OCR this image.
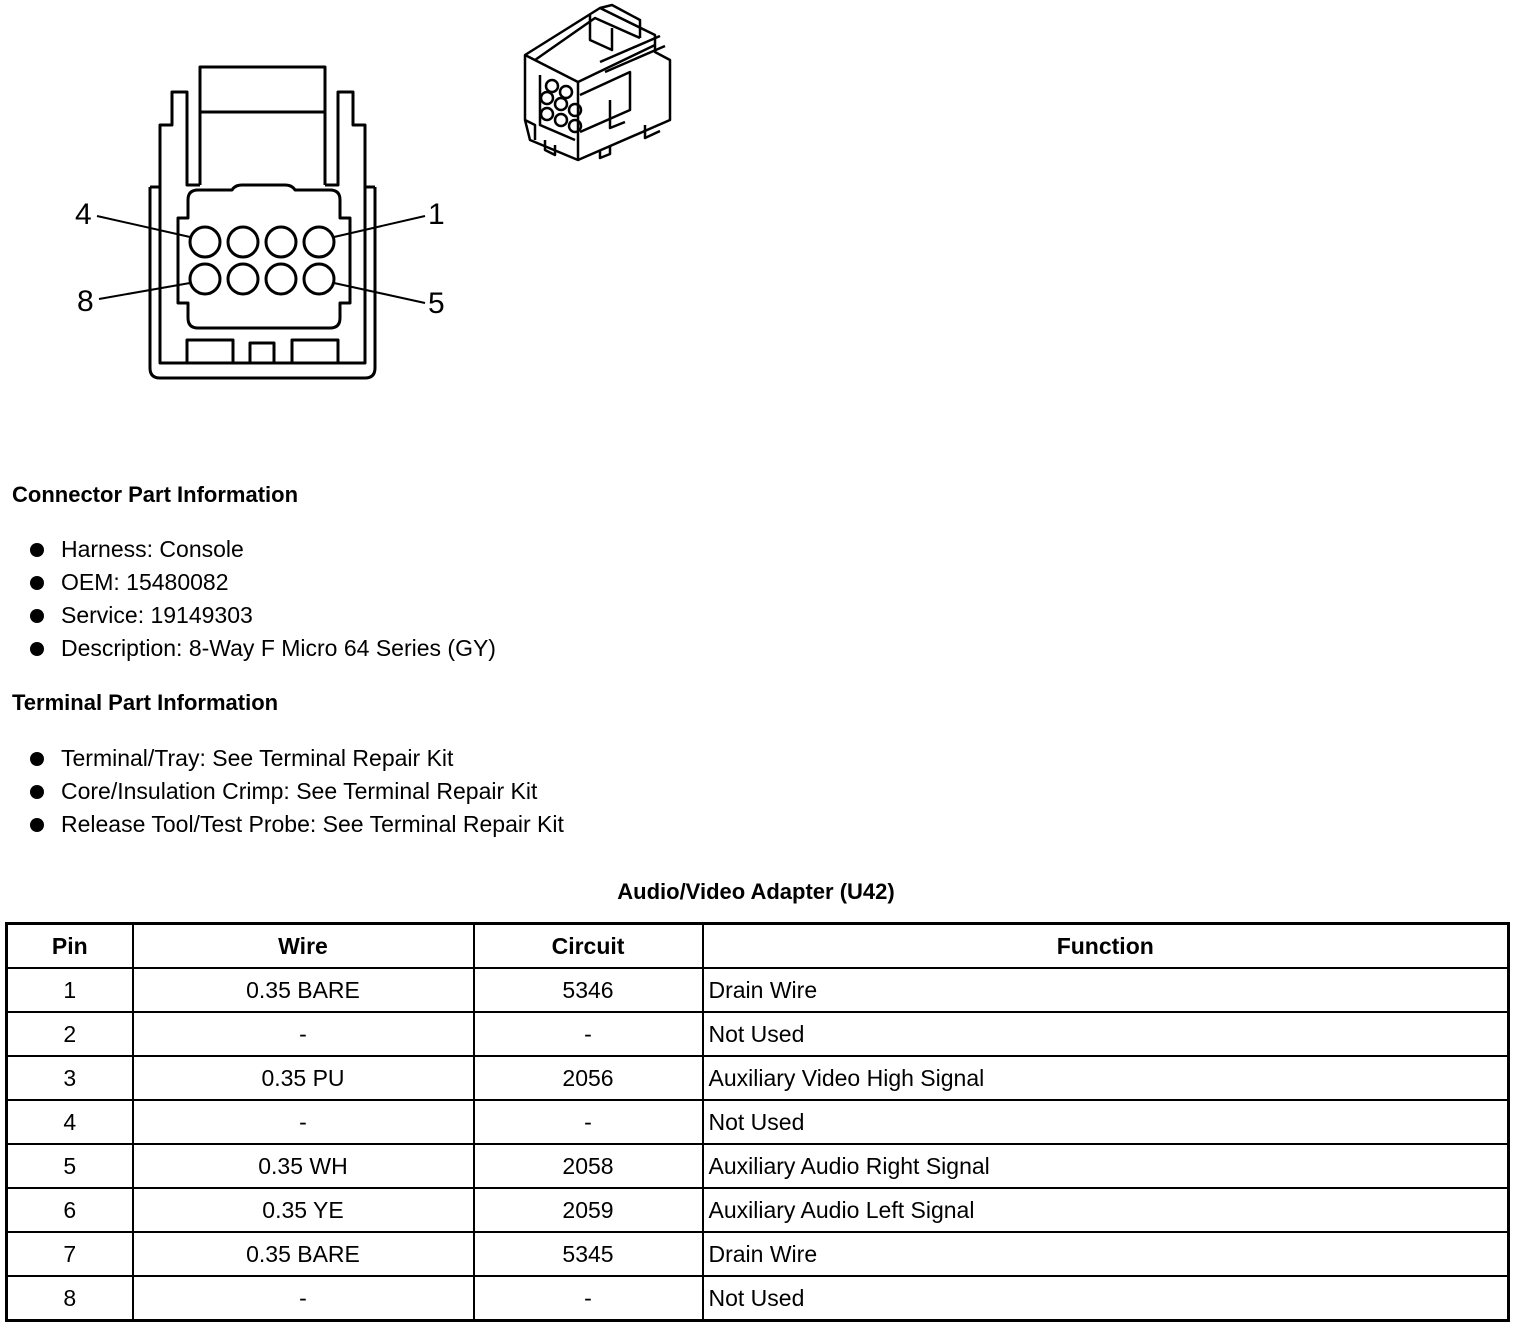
4	1
8	5
Connector Part Information
Harness: Console
OEM: 15480082
Service: 19149303
Description: 8-Way F Micro 64 Series (GY)
Terminal Part Information
Terminal/Tray: See Terminal Repair Kit
Core/Insulation Crimp: See Terminal Repair Kit
Release Tool/Test Probe: See Terminal Repair Kit
Audio/Video Adapter (U42)
Pin	Wire	Circuit	Function
1	0.35 BARE	5346	Drain Wire
2	-	-	Not Used
3	0.35 PU	2056	Auxiliary Video High Signal
4	-	-	Not Used
5	0.35 WH	2058	Auxiliary Audio Right Signal
6	0.35 YE	2059	Auxiliary Audio Left Signal
7	0.35 BARE	5345	Drain Wire
8	-	-	Not Used
